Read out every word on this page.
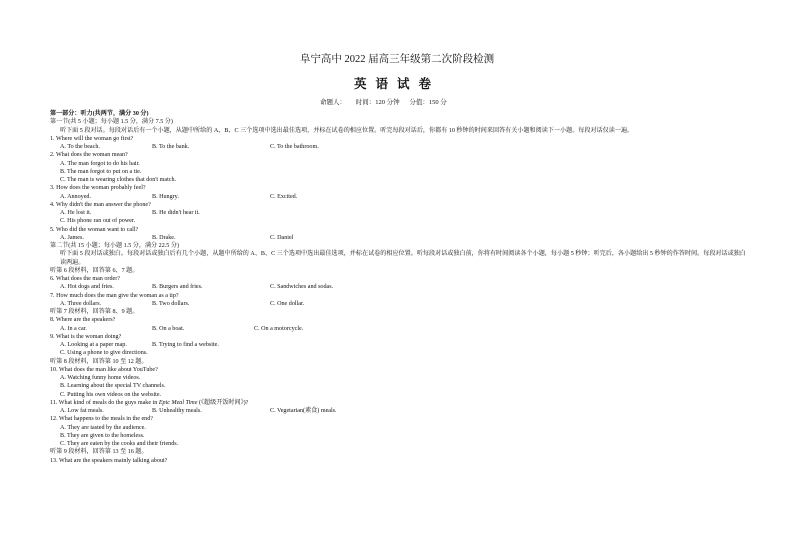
阜宁高中 2022 届高三年级第二次阶段检测
英语试卷
命题人：      时间：120 分钟      分值：150 分
第一部分：听力(共两节，满分 30 分)
第一节(共 5 小题；每小题 1.5 分，满分 7.5 分)
听下面 5 段对话。每段对话后有一个小题，从题中所给的 A、B、C 三个选项中选出最佳选项，并标在试卷的相应位置。听完每段对话后，你都有 10 秒钟的时间来回答有关小题和阅读下一小题。每段对话仅读一遍。
1. Where will the woman go first?
A. To the beach.	B. To the bank.	C. To the bathroom.
2. What does the woman mean?
A. The man forgot to do his hair.
B. The man forgot to put on a tie.
C. The man is wearing clothes that don't match.
3. How does the woman probably feel?
A. Annoyed.	B. Hungry.	C. Excited.
4. Why didn't the man answer the phone?
A. He lost it.	B. He didn't hear it.
C. His phone ran out of power.
5. Who did the woman want to call?
A. James.	B. Drake.	C. Daniel
第二节(共 15 小题；每小题 1.5 分，满分 22.5 分)
听下面 5 段对话或独白。每段对话或独白后有几个小题，从题中所给的 A、B、C 三个选项中选出最佳选项，并标在试卷的相应位置。听每段对话或独白前，你将有时间阅读各个小题，每小题 5 秒钟；听完后，各小题给出 5 秒钟的作答时间。每段对话或独白读两遍。
听第 6 段材料，回答第 6、7 题。
6. What does the man order?
A. Hot dogs and fries.	B. Burgers and fries.	C. Sandwiches and sodas.
7. How much does the man give the woman as a tip?
A. Three dollars.	B. Two dollars.	C. One dollar.
听第 7 段材料，回答第 8、9 题。
8. Where are the speakers?
A. In a car.	B. On a boat.	C. On a motorcycle.
9. What is the woman doing?
A. Looking at a paper map.	B. Trying to find a website.
C. Using a phone to give directions.
听第 8 段材料，回答第 10 至 12 题。
10. What does the man like about YouTube?
A. Watching funny home videos.
B. Learning about the special TV channels.
C. Putting his own videos on the website.
11. What kind of meals do the guys make in Epic Meal Time (《超级开饭时间》)?
A. Low fat meals.	B. Unhealthy meals.	C. Vegetarian(素食) meals.
12. What happens to the meals in the end?
A. They are tasted by the audience.
B. They are given to the homeless.
C. They are eaten by the cooks and their friends.
听第 9 段材料，回答第 13 至 16 题。
13. What are the speakers mainly talking about?
